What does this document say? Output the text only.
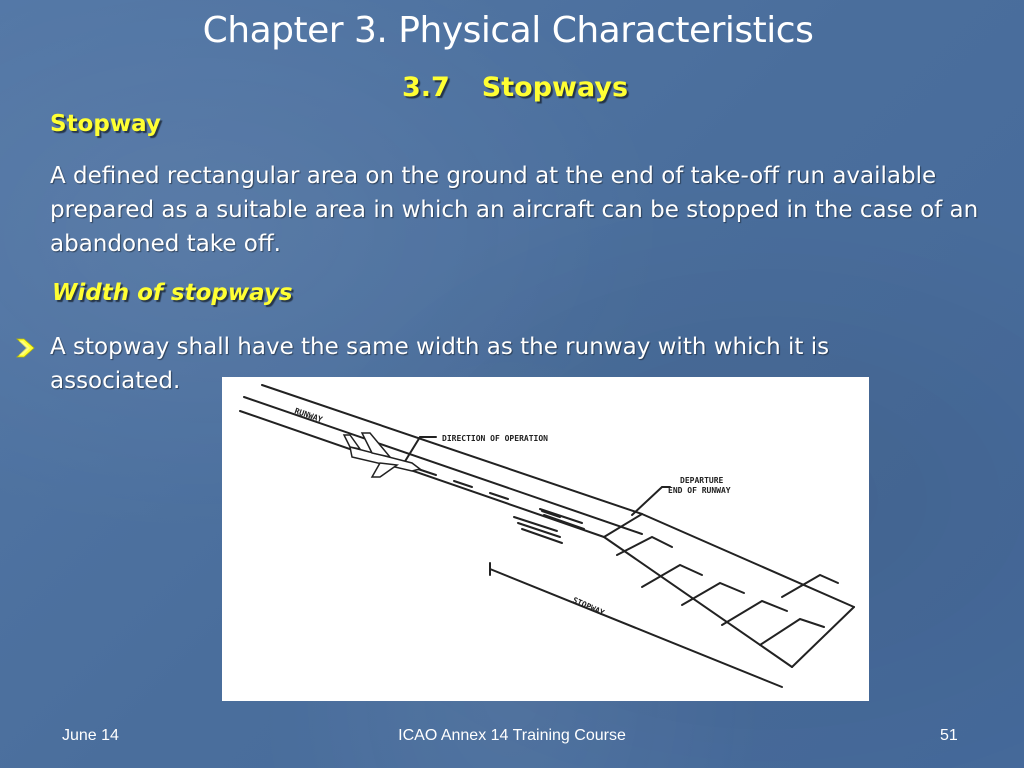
Chapter 3. Physical Characteristics
3.7 Stopways
Stopway
A defined rectangular area on the ground at the end of take-off run available prepared as a suitable area in which an aircraft can be stopped in the case of an abandoned take off.
Width of stopways
A stopway shall have the same width as the runway with which it is associated.
RUNWAY
DIRECTION OF OPERATION
DEPARTURE
END OF RUNWAY
STOPWAY
June 14	ICAO Annex 14 Training Course	51
